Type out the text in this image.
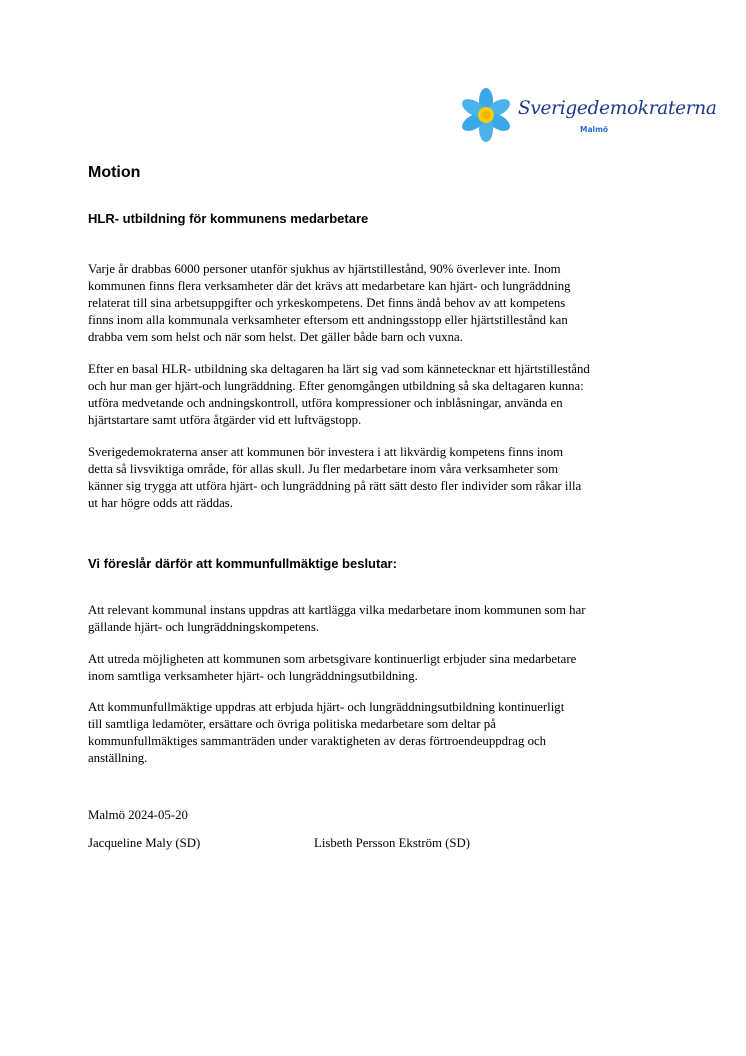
Sverigedemokraterna
Malmö
Motion
HLR- utbildning för kommunens medarbetare
Varje år drabbas 6000 personer utanför sjukhus av hjärtstillestånd, 90% överlever inte. Inom
kommunen finns flera verksamheter där det krävs att medarbetare kan hjärt- och lungräddning
relaterat till sina arbetsuppgifter och yrkeskompetens. Det finns ändå behov av att kompetens
finns inom alla kommunala verksamheter eftersom ett andningsstopp eller hjärtstillestånd kan
drabba vem som helst och när som helst. Det gäller både barn och vuxna.
Efter en basal HLR- utbildning ska deltagaren ha lärt sig vad som kännetecknar ett hjärtstillestånd
och hur man ger hjärt-och lungräddning. Efter genomgången utbildning så ska deltagaren kunna:
utföra medvetande och andningskontroll, utföra kompressioner och inblåsningar, använda en
hjärtstartare samt utföra åtgärder vid ett luftvägstopp.
Sverigedemokraterna anser att kommunen bör investera i att likvärdig kompetens finns inom
detta så livsviktiga område, för allas skull. Ju fler medarbetare inom våra verksamheter som
känner sig trygga att utföra hjärt- och lungräddning på rätt sätt desto fler individer som råkar illa
ut har högre odds att räddas.
Vi föreslår därför att kommunfullmäktige beslutar:
Att relevant kommunal instans uppdras att kartlägga vilka medarbetare inom kommunen som har
gällande hjärt- och lungräddningskompetens.
Att utreda möjligheten att kommunen som arbetsgivare kontinuerligt erbjuder sina medarbetare
inom samtliga verksamheter hjärt- och lungräddningsutbildning.
Att kommunfullmäktige uppdras att erbjuda hjärt- och lungräddningsutbildning kontinuerligt
till samtliga ledamöter, ersättare och övriga politiska medarbetare som deltar på
kommunfullmäktiges sammanträden under varaktigheten av deras förtroendeuppdrag och
anställning.
Malmö 2024-05-20
Jacqueline Maly (SD)	Lisbeth Persson Ekström (SD)
